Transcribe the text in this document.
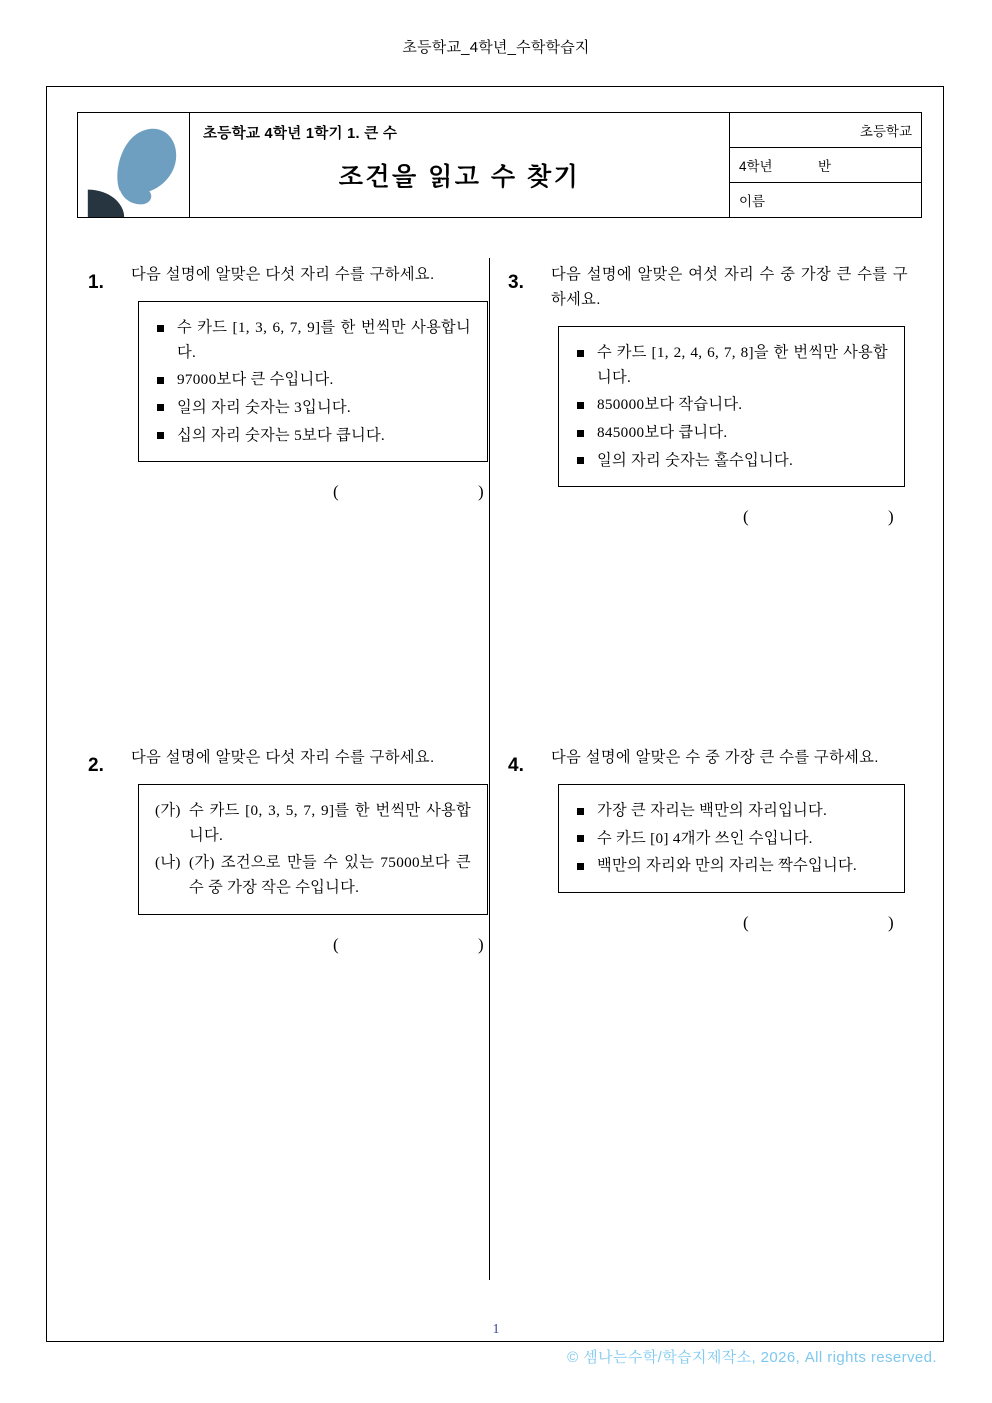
초등학교_4학년_수학학습지
초등학교 4학년 1학기 1. 큰 수
조건을 읽고 수 찾기
초등학교
4학년	반
이름
1. 다음 설명에 알맞은 다섯 자리 수를 구하세요.
수 카드 [1, 3, 6, 7, 9]를 한 번씩만 사용합니다.
97000보다 큰 수입니다.
일의 자리 숫자는 3입니다.
십의 자리 숫자는 5보다 큽니다.
(	)
3. 다음 설명에 알맞은 여섯 자리 수 중 가장 큰 수를 구하세요.
수 카드 [1, 2, 4, 6, 7, 8]을 한 번씩만 사용합니다.
850000보다 작습니다.
845000보다 큽니다.
일의 자리 숫자는 홀수입니다.
(	)
2. 다음 설명에 알맞은 다섯 자리 수를 구하세요.
(가) 수 카드 [0, 3, 5, 7, 9]를 한 번씩만 사용합니다.
(나) (가) 조건으로 만들 수 있는 75000보다 큰 수 중 가장 작은 수입니다.
(	)
4. 다음 설명에 알맞은 수 중 가장 큰 수를 구하세요.
가장 큰 자리는 백만의 자리입니다.
수 카드 [0] 4개가 쓰인 수입니다.
백만의 자리와 만의 자리는 짝수입니다.
(	)
1
© 셈나는수학/학습지제작소, 2026, All rights reserved.
